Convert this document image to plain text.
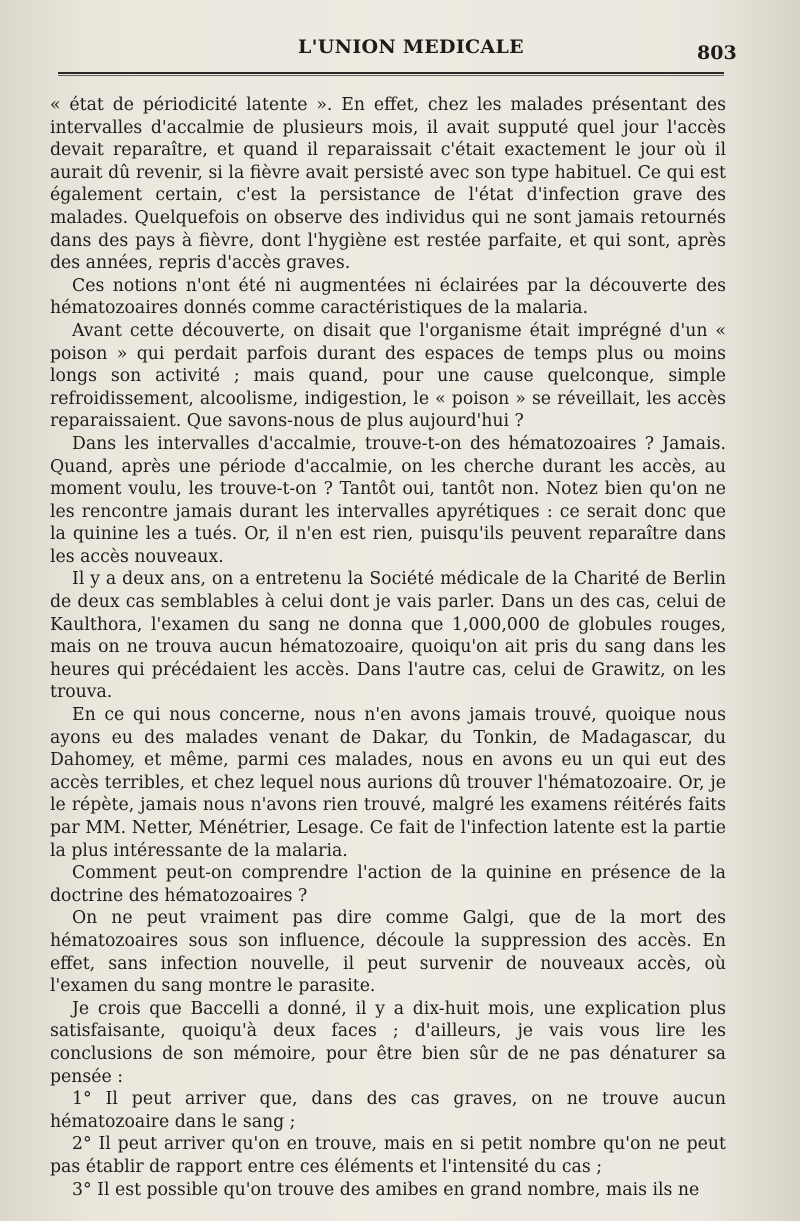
L'UNION MEDICALE	803

« état de périodicité latente ». En effet, chez les malades présentant des intervalles d'accalmie de plusieurs mois, il avait supputé quel jour l'accès devait reparaître, et quand il reparaissait c'était exactement le jour où il aurait dû revenir, si la fièvre avait persisté avec son type habituel. Ce qui est également certain, c'est la persistance de l'état d'infection grave des malades. Quelquefois on observe des individus qui ne sont jamais retournés dans des pays à fièvre, dont l'hygiène est restée parfaite, et qui sont, après des années, repris d'accès graves.

Ces notions n'ont été ni augmentées ni éclairées par la découverte des hématozoaires donnés comme caractéristiques de la malaria.

Avant cette découverte, on disait que l'organisme était imprégné d'un « poison » qui perdait parfois durant des espaces de temps plus ou moins longs son activité ; mais quand, pour une cause quelconque, simple refroidissement, alcoolisme, indigestion, le « poison » se réveillait, les accès reparaissaient. Que savons-nous de plus aujourd'hui ?

Dans les intervalles d'accalmie, trouve-t-on des hématozoaires ? Jamais. Quand, après une période d'accalmie, on les cherche durant les accès, au moment voulu, les trouve-t-on ? Tantôt oui, tantôt non. Notez bien qu'on ne les rencontre jamais durant les intervalles apyrétiques : ce serait donc que la quinine les a tués. Or, il n'en est rien, puisqu'ils peuvent reparaître dans les accès nouveaux.

Il y a deux ans, on a entretenu la Société médicale de la Charité de Berlin de deux cas semblables à celui dont je vais parler. Dans un des cas, celui de Kaulthora, l'examen du sang ne donna que 1,000,000 de globules rouges, mais on ne trouva aucun hématozoaire, quoiqu'on ait pris du sang dans les heures qui précédaient les accès. Dans l'autre cas, celui de Grawitz, on les trouva.

En ce qui nous concerne, nous n'en avons jamais trouvé, quoique nous ayons eu des malades venant de Dakar, du Tonkin, de Madagascar, du Dahomey, et même, parmi ces malades, nous en avons eu un qui eut des accès terribles, et chez lequel nous aurions dû trouver l'hématozoaire. Or, je le répète, jamais nous n'avons rien trouvé, malgré les examens réitérés faits par MM. Netter, Ménétrier, Lesage. Ce fait de l'infection latente est la partie la plus intéressante de la malaria.

Comment peut-on comprendre l'action de la quinine en présence de la doctrine des hématozoaires ?

On ne peut vraiment pas dire comme Galgi, que de la mort des hématozoaires sous son influence, découle la suppression des accès. En effet, sans infection nouvelle, il peut survenir de nouveaux accès, où l'examen du sang montre le parasite.

Je crois que Baccelli a donné, il y a dix-huit mois, une explication plus satisfaisante, quoiqu'à deux faces ; d'ailleurs, je vais vous lire les conclusions de son mémoire, pour être bien sûr de ne pas dénaturer sa pensée :

1° Il peut arriver que, dans des cas graves, on ne trouve aucun hématozoaire dans le sang ;

2° Il peut arriver qu'on en trouve, mais en si petit nombre qu'on ne peut pas établir de rapport entre ces éléments et l'intensité du cas ;

3° Il est possible qu'on trouve des amibes en grand nombre, mais ils ne
